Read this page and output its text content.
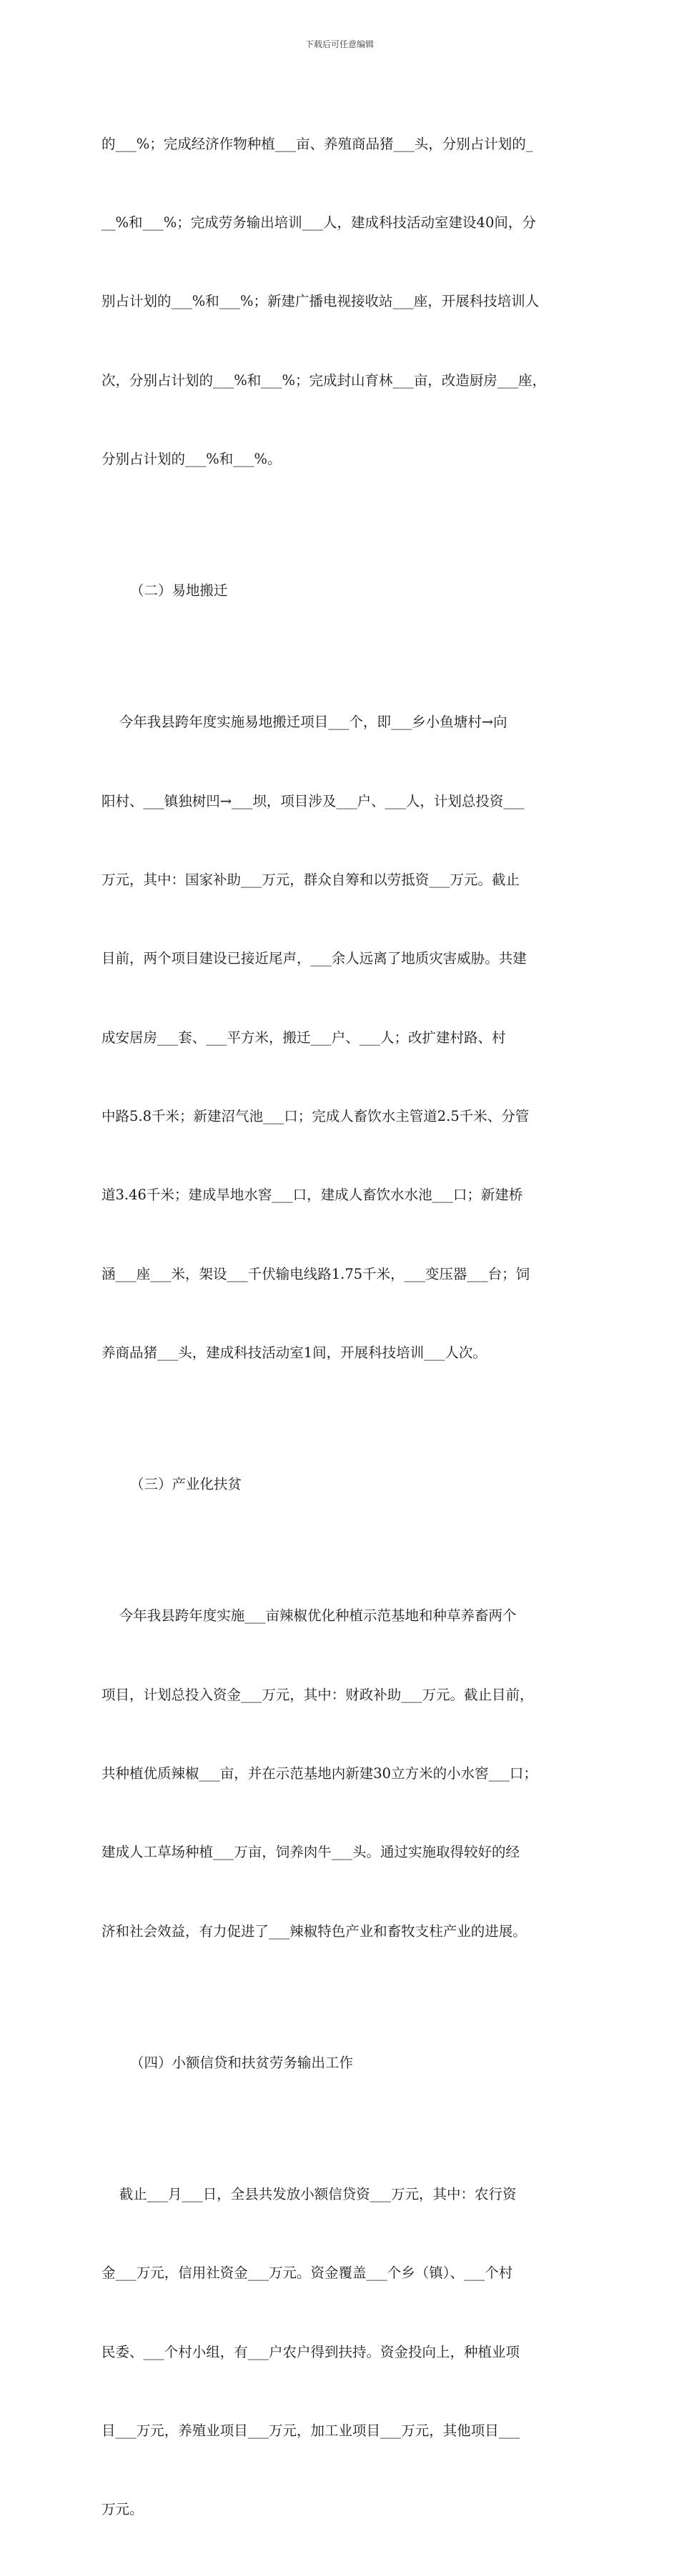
下载后可任意编辑

的___%；完成经济作物种植___亩、养殖商品猪___头，分别占计划的_

__%和___%；完成劳务输出培训___人，建成科技活动室建设40间，分

别占计划的___%和___%；新建广播电视接收站___座，开展科技培训人

次，分别占计划的___%和___%；完成封山育林___亩，改造厨房___座，

分别占计划的___%和___%。

（二）易地搬迁

今年我县跨年度实施易地搬迁项目___个，即___乡小鱼塘村→向

阳村、___镇独树凹→___坝，项目涉及___户、___人，计划总投资___

万元，其中：国家补助___万元，群众自筹和以劳抵资___万元。截止

目前，两个项目建设已接近尾声，___余人远离了地质灾害威胁。共建

成安居房___套、___平方米，搬迁___户、___人；改扩建村路、村

中路5.8千米；新建沼气池___口；完成人畜饮水主管道2.5千米、分管

道3.46千米；建成旱地水窖___口，建成人畜饮水水池___口；新建桥

涵___座___米，架设___千伏输电线路1.75千米，___变压器___台；饲

养商品猪___头，建成科技活动室1间，开展科技培训___人次。

（三）产业化扶贫

今年我县跨年度实施___亩辣椒优化种植示范基地和种草养畜两个

项目，计划总投入资金___万元，其中：财政补助___万元。截止目前，

共种植优质辣椒___亩，并在示范基地内新建30立方米的小水窖___口；

建成人工草场种植___万亩，饲养肉牛___头。通过实施取得较好的经

济和社会效益，有力促进了___辣椒特色产业和畜牧支柱产业的进展。

（四）小额信贷和扶贫劳务输出工作

截止___月___日，全县共发放小额信贷资___万元，其中：农行资

金___万元，信用社资金___万元。资金覆盖___个乡（镇）、___个村

民委、___个村小组，有___户农户得到扶持。资金投向上，种植业项

目___万元，养殖业项目___万元，加工业项目___万元，其他项目___

万元。
